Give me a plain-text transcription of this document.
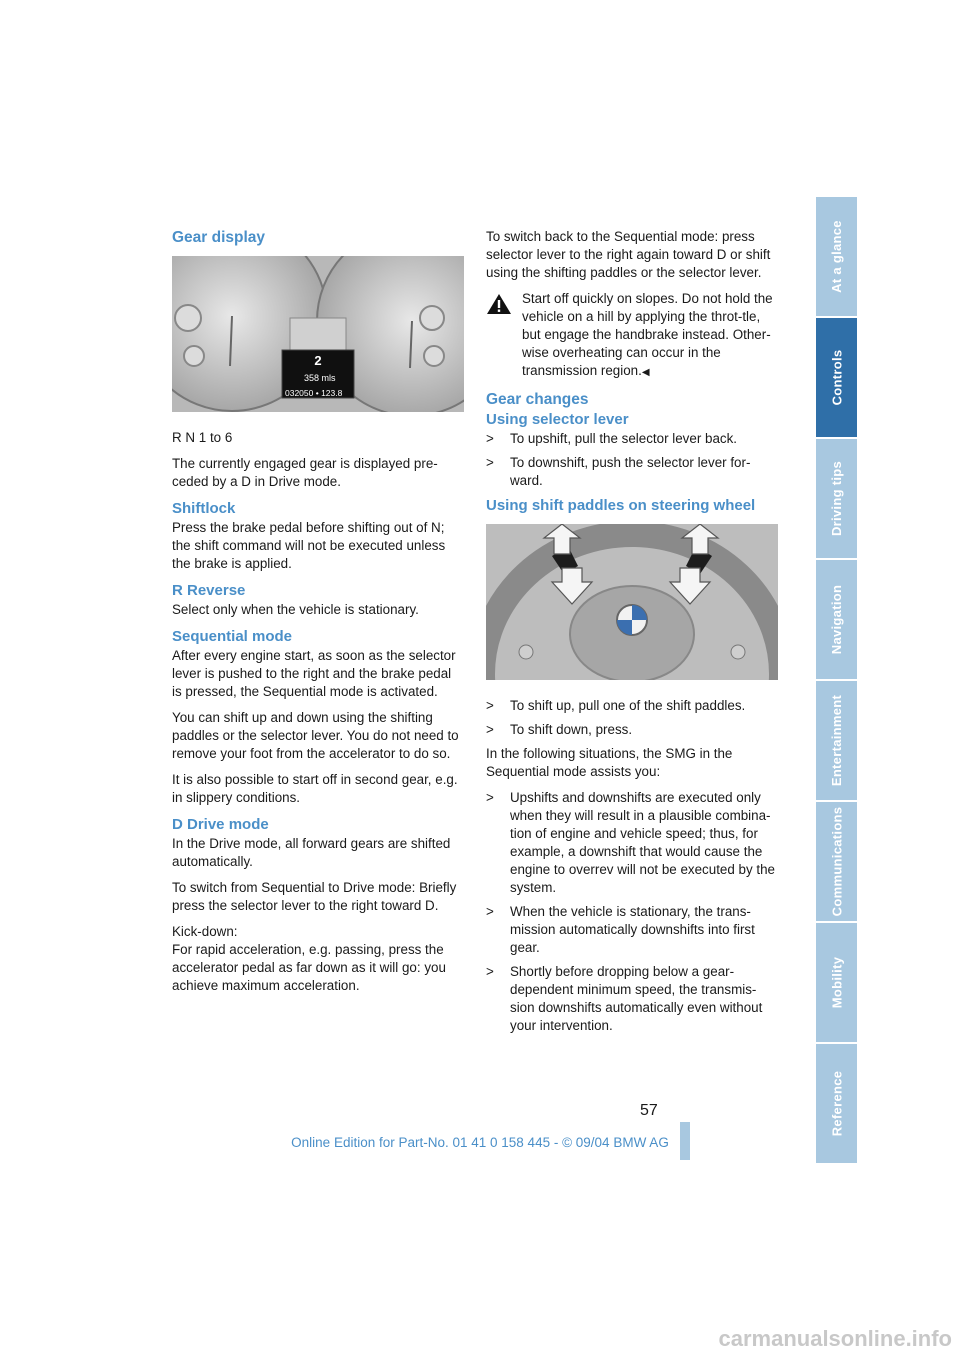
Gear display
2
358 mls
032050 • 123.8

R N 1 to 6

The currently engaged gear is displayed pre-ceded by a D in Drive mode.

Shiftlock

Press the brake pedal before shifting out of N; the shift command will not be executed unless the brake is applied.

R Reverse

Select only when the vehicle is stationary.

Sequential mode

After every engine start, as soon as the selector lever is pushed to the right and the brake pedal is pressed, the Sequential mode is activated.

You can shift up and down using the shifting paddles or the selector lever. You do not need to remove your foot from the accelerator to do so.

It is also possible to start off in second gear, e.g. in slippery conditions.

D Drive mode

In the Drive mode, all forward gears are shifted automatically.

To switch from Sequential to Drive mode: Briefly press the selector lever to the right toward D.

Kick-down:

For rapid acceleration, e.g. passing, press the accelerator pedal as far down as it will go: you achieve maximum acceleration.

To switch back to the Sequential mode: press selector lever to the right again toward D or shift using the shifting paddles or the selector lever.

Start off quickly on slopes. Do not hold the vehicle on a hill by applying the throt-tle, but engage the handbrake instead. Other-wise overheating can occur in the transmission region.◀
Gear changes
Using selector lever
> To upshift, pull the selector lever back.
> To downshift, push the selector lever for-ward.
Using shift paddles on steering wheel
> To shift up, pull one of the shift paddles.
> To shift down, press.

In the following situations, the SMG in the Sequential mode assists you:

> Upshifts and downshifts are executed only when they will result in a plausible combina-tion of engine and vehicle speed; thus, for example, a downshift that would cause the engine to overrev will not be executed by the system.
> When the vehicle is stationary, the trans-mission automatically downshifts into first gear.
> Shortly before dropping below a gear-dependent minimum speed, the transmis-sion downshifts automatically even without your intervention.
At a glance
Controls
Driving tips
Navigation
Entertainment
Communications
Mobility
Reference
57
Online Edition for Part-No. 01 41 0 158 445 - © 09/04 BMW AG
carmanualsonline.info
